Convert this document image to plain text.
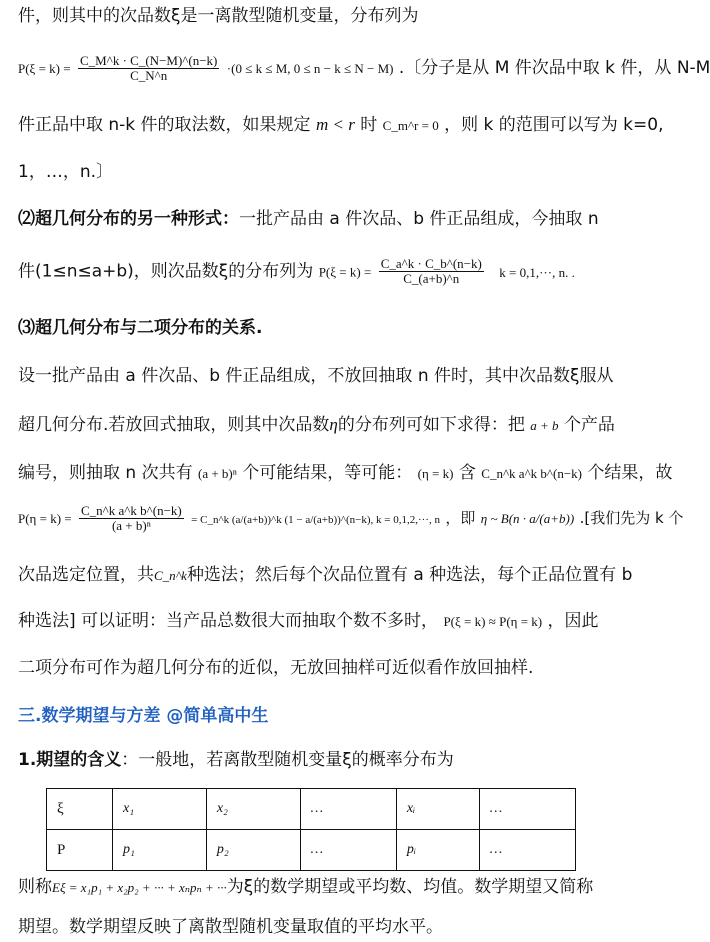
件，则其中的次品数ξ是一离散型随机变量，分布列为
$P(\xi = k) = \frac{C\_M\^{}k \cdot C\_(N-M)\^{}(n-k)}{C\_N\^{}n} \cdot(0 \le k \le M$, 0 ≤ n − k ≤ N − M) .〔分子是从 M 件次品中取 k 件，从 N-M
件正品中取 n-k 件的取法数，如果规定 m < r 时 C_m^r = 0 ，则 k 的范围可以写为 k=0,
1，…，n.〕
⑵超几何分布的另一种形式：一批产品由 a 件次品、b 件正品组成，今抽取 n
件(1≤n≤a+b)，则次品数ξ的分布列为 $P(\xi = k) = \frac{C\_a\^{}k \cdot C\_b\^{}(n-k)}{C\_(a+b)\^{}n}$ k = 0,1,···, n. .
⑶超几何分布与二项分布的关系.
设一批产品由 a 件次品、b 件正品组成，不放回抽取 n 件时，其中次品数ξ服从
超几何分布.若放回式抽取，则其中次品数η的分布列可如下求得：把 a + b 个产品
编号，则抽取 n 次共有 (a + b)ⁿ 个可能结果，等可能： (η = k) 含 C_n^k a^k b^(n−k) 个结果，故
$P(\eta = k) = \frac{\text{C\_n\textasciicircum{}k a\textasciicircum{}k b\textasciicircum{}(n−k)}}{\text{(a + b)ⁿ}}$ = C_n^k (a/(a+b))^k (1 − a/(a+b))^(n−k), k = 0,1,2,···, n ，即 η ~ B(n · a/(a+b)) .[我们先为 k 个
次品选定位置，共C_n^k种选法；然后每个次品位置有 a 种选法，每个正品位置有 b
种选法] 可以证明：当产品总数很大而抽取个数不多时， P(ξ = k) ≈ P(η = k) ，因此
二项分布可作为超几何分布的近似，无放回抽样可近似看作放回抽样.
三.数学期望与方差 @简单高中生
1.期望的含义：一般地，若离散型随机变量ξ的概率分布为
ξ	x₁	x₂	…	xᵢ	…
P	p₁	p₂	…	pᵢ	…
则称Eξ = x₁p₁ + x₂p₂ + ··· + xₙpₙ + ···为ξ的数学期望或平均数、均值。数学期望又简称
期望。数学期望反映了离散型随机变量取值的平均水平。
